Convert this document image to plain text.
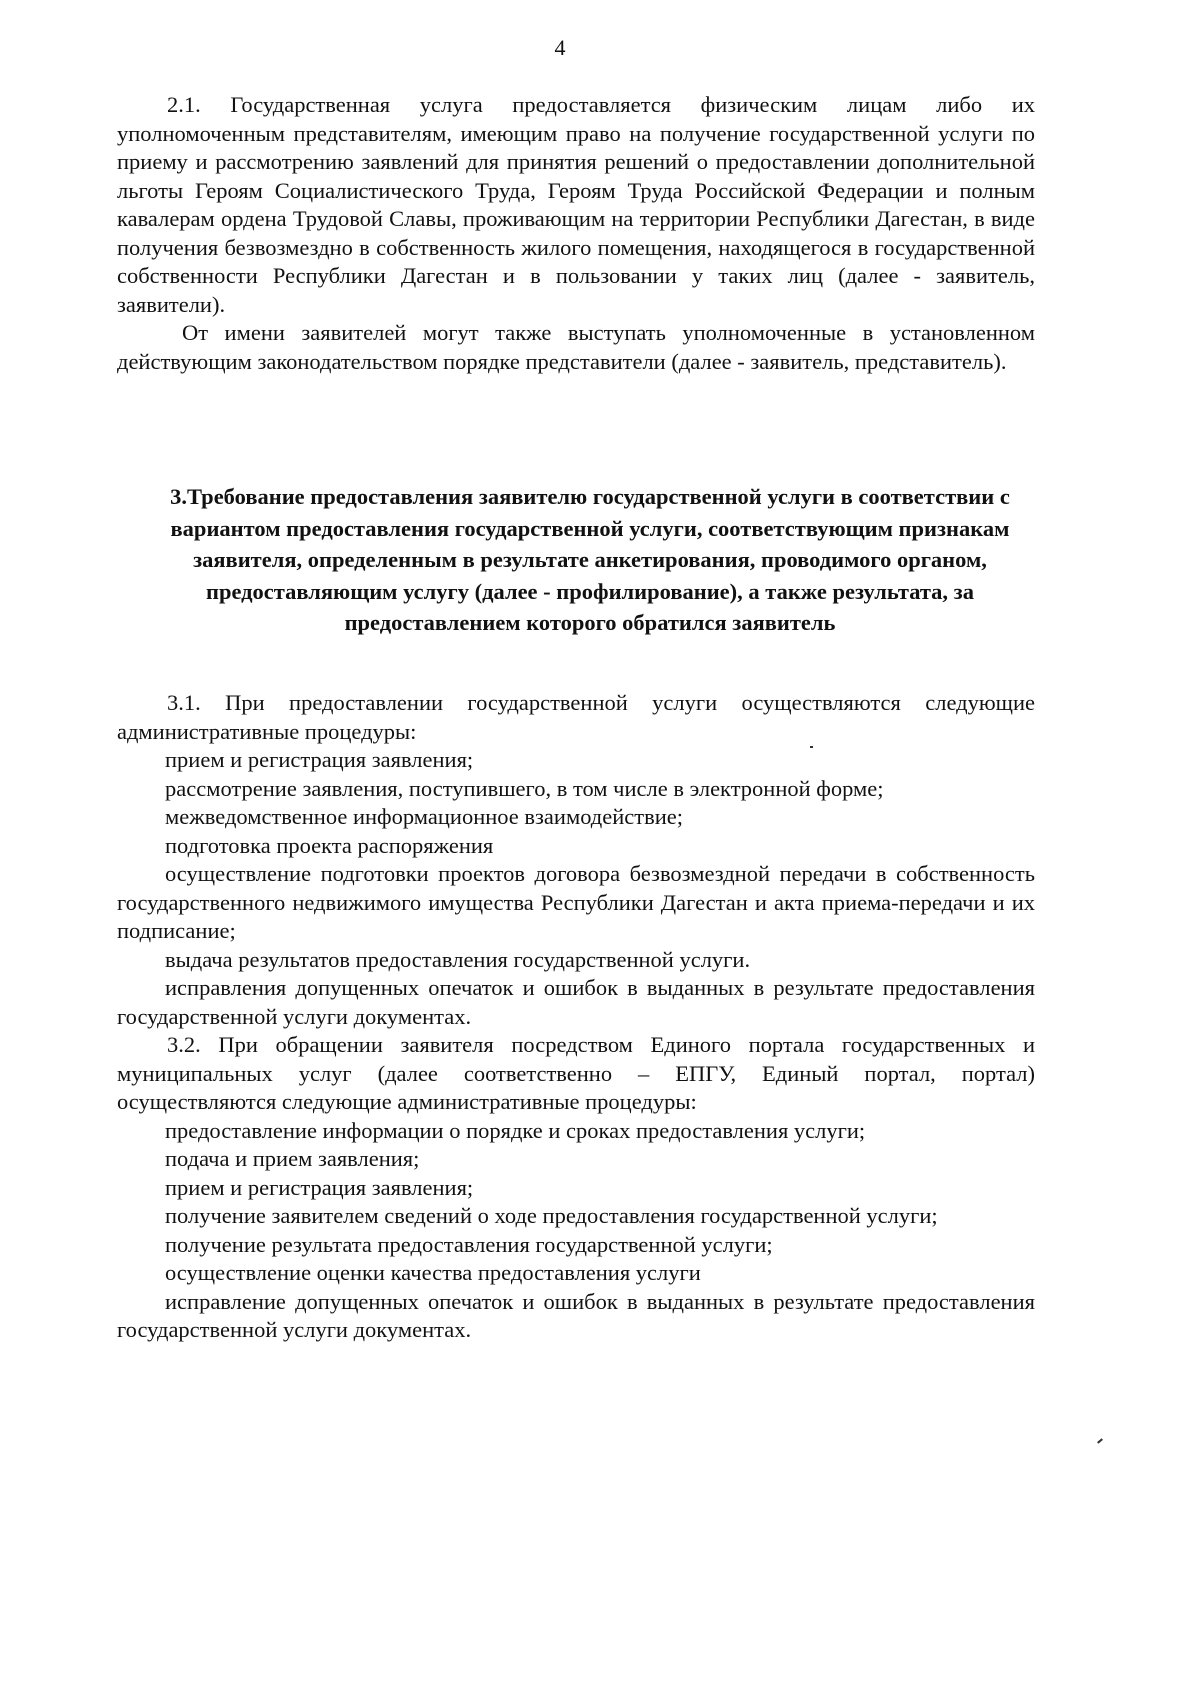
4

2.1. Государственная услуга предоставляется физическим лицам либо их уполномоченным представителям, имеющим право на получение государственной услуги по приему и рассмотрению заявлений для принятия решений о предоставлении дополнительной льготы Героям Социалистического Труда, Героям Труда Российской Федерации и полным кавалерам ордена Трудовой Славы, проживающим на территории Республики Дагестан, в виде получения безвозмездно в собственность жилого помещения, находящегося в государственной собственности Республики Дагестан и в пользовании у таких лиц (далее - заявитель, заявители).

От имени заявителей могут также выступать уполномоченные в установленном действующим законодательством порядке представители (далее - заявитель, представитель).

3.Требование предоставления заявителю государственной услуги в соответствии с вариантом предоставления государственной услуги, соответствующим признакам заявителя, определенным в результате анкетирования, проводимого органом, предоставляющим услугу (далее - профилирование), а также результата, за предоставлением которого обратился заявитель

3.1. При предоставлении государственной услуги осуществляются следующие административные процедуры:

прием и регистрация заявления;

рассмотрение заявления, поступившего, в том числе в электронной форме;

межведомственное информационное взаимодействие;

подготовка проекта распоряжения

осуществление подготовки проектов договора безвозмездной передачи в собственность государственного недвижимого имущества Республики Дагестан и акта приема-передачи и их подписание;

выдача результатов предоставления государственной услуги.

исправления допущенных опечаток и ошибок в выданных в результате предоставления государственной услуги документах.

3.2. При обращении заявителя посредством Единого портала государственных и муниципальных услуг (далее соответственно – ЕПГУ, Единый портал, портал) осуществляются следующие административные процедуры:

предоставление информации о порядке и сроках предоставления услуги;

подача и прием заявления;

прием и регистрация заявления;

получение заявителем сведений о ходе предоставления государственной услуги;

получение результата предоставления государственной услуги;

осуществление оценки качества предоставления услуги

исправление допущенных опечаток и ошибок в выданных в результате предоставления государственной услуги документах.
